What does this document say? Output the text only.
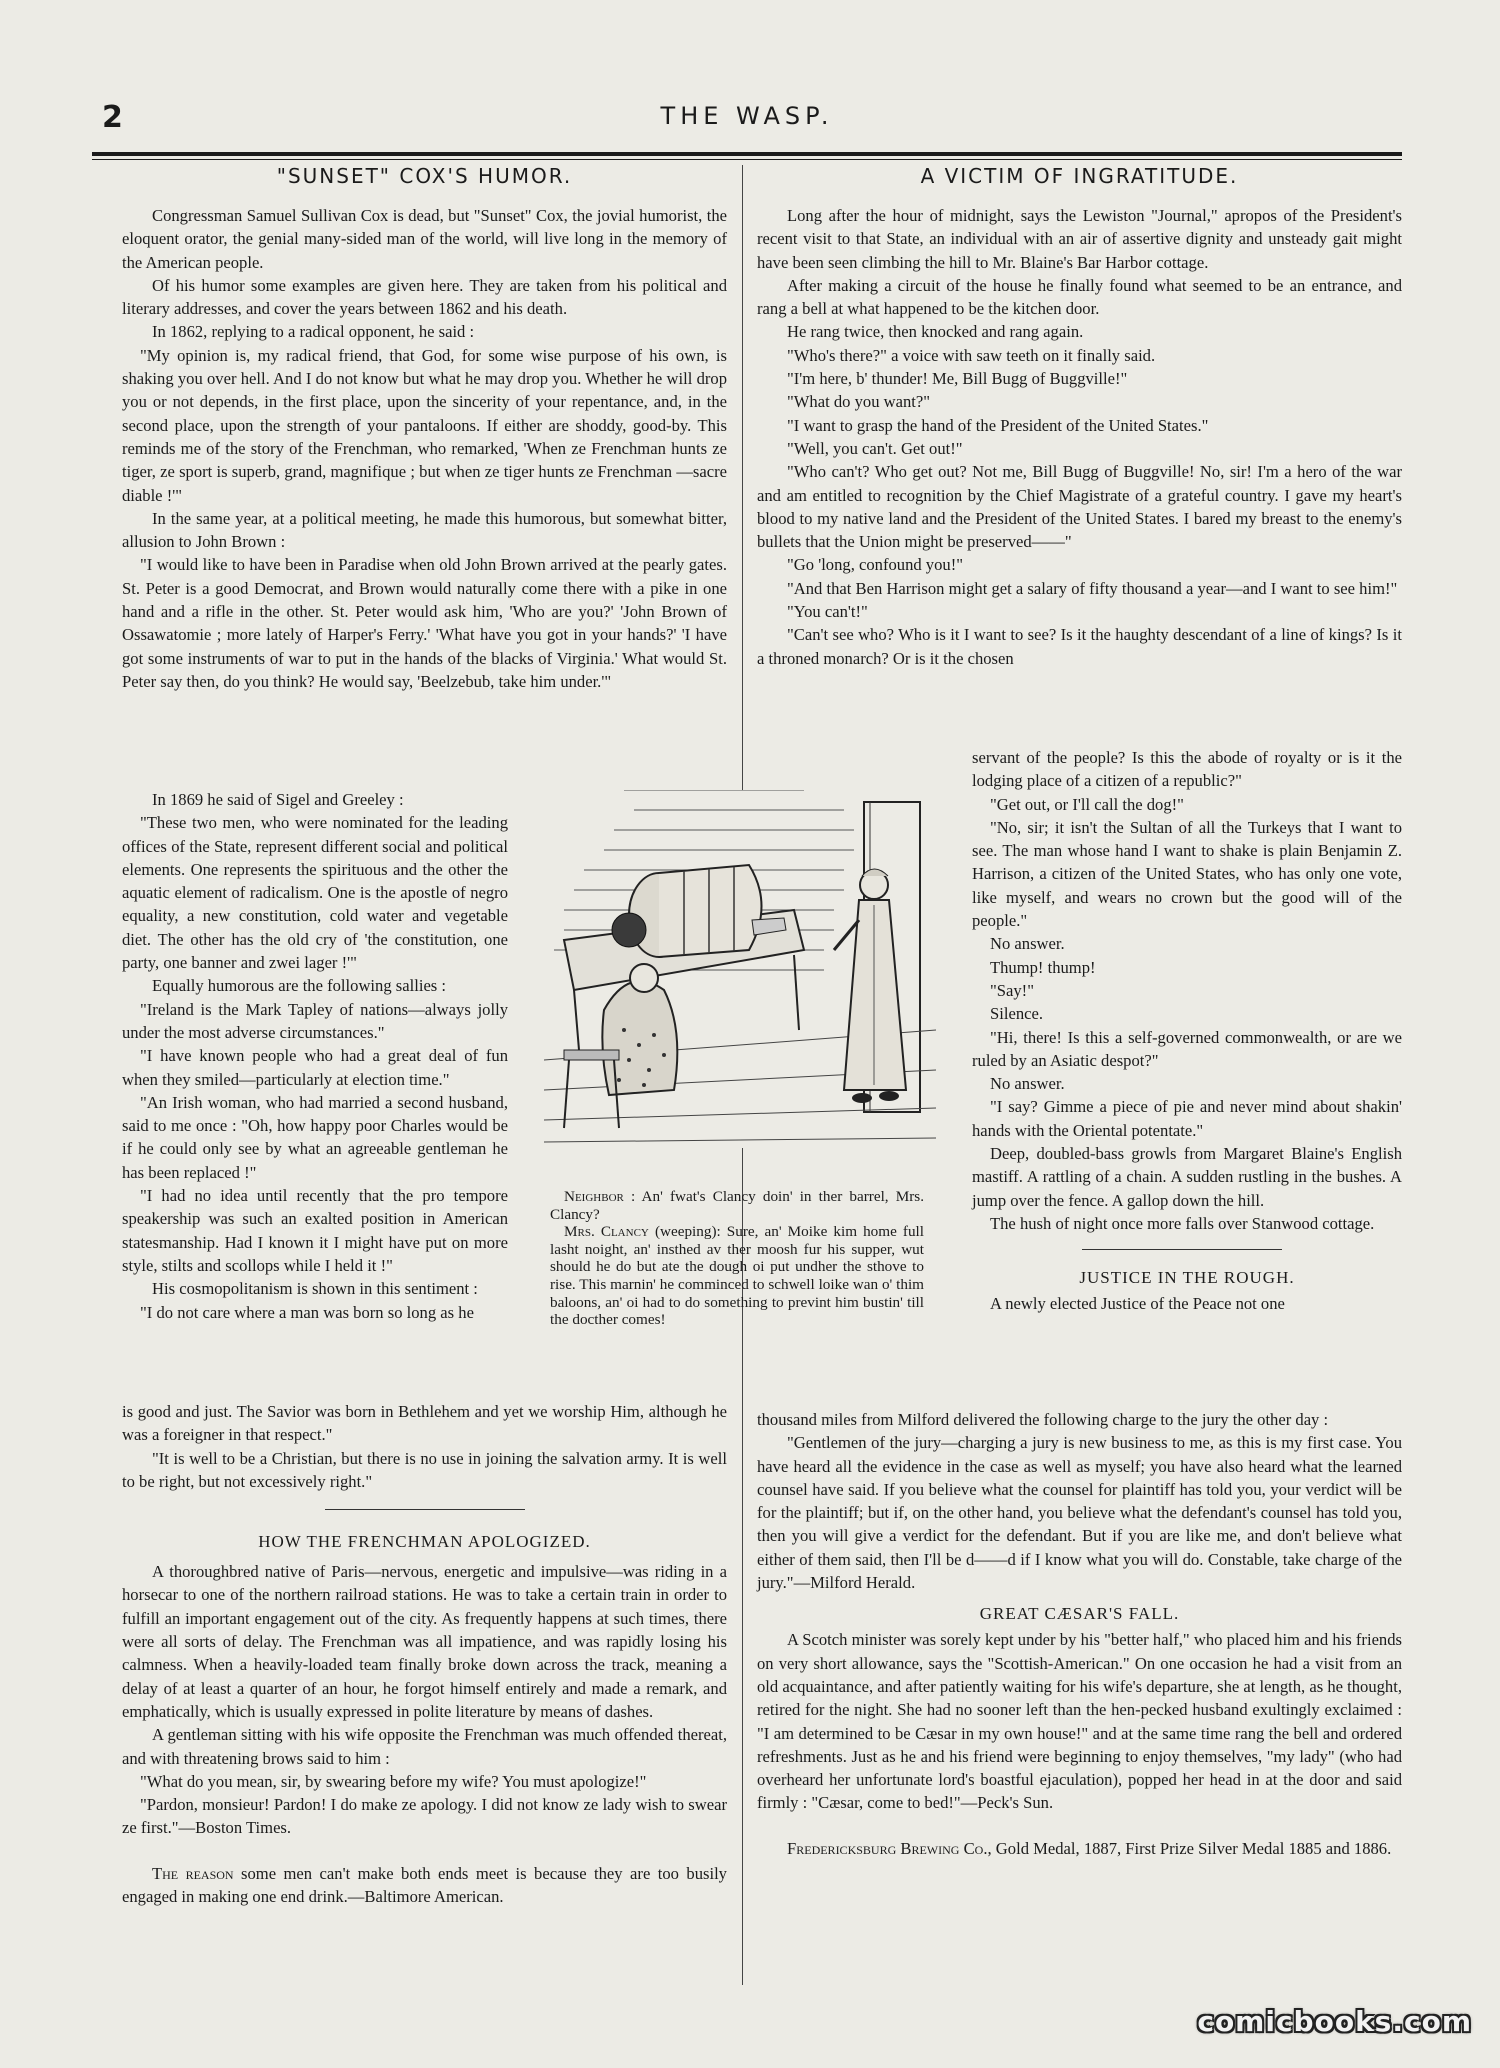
2	THE WASP.
"SUNSET" COX'S HUMOR.

Congressman Samuel Sullivan Cox is dead, but "Sunset" Cox, the jovial humorist, the eloquent orator, the genial many-sided man of the world, will live long in the memory of the American people.

Of his humor some examples are given here. They are taken from his political and literary addresses, and cover the years between 1862 and his death.

In 1862, replying to a radical opponent, he said :

"My opinion is, my radical friend, that God, for some wise purpose of his own, is shaking you over hell. And I do not know but what he may drop you. Whether he will drop you or not depends, in the first place, upon the sincerity of your repentance, and, in the second place, upon the strength of your pantaloons. If either are shoddy, good-by. This reminds me of the story of the Frenchman, who remarked, 'When ze Frenchman hunts ze tiger, ze sport is superb, grand, magnifique ; but when ze tiger hunts ze Frenchman —sacre diable !'"

In the same year, at a political meeting, he made this humorous, but somewhat bitter, allusion to John Brown :

"I would like to have been in Paradise when old John Brown arrived at the pearly gates. St. Peter is a good Democrat, and Brown would naturally come there with a pike in one hand and a rifle in the other. St. Peter would ask him, 'Who are you?' 'John Brown of Ossawatomie ; more lately of Harper's Ferry.' 'What have you got in your hands?' 'I have got some instruments of war to put in the hands of the blacks of Virginia.' What would St. Peter say then, do you think? He would say, 'Beelzebub, take him under.'"

In 1869 he said of Sigel and Greeley :

"These two men, who were nominated for the leading offices of the State, represent different social and political elements. One represents the spirituous and the other the aquatic element of radicalism. One is the apostle of negro equality, a new constitution, cold water and vegetable diet. The other has the old cry of 'the constitution, one party, one banner and zwei lager !'"

Equally humorous are the following sallies :

"Ireland is the Mark Tapley of nations—always jolly under the most adverse circumstances."

"I have known people who had a great deal of fun when they smiled—particularly at election time."

"An Irish woman, who had married a second husband, said to me once : "Oh, how happy poor Charles would be if he could only see by what an agreeable gentleman he has been replaced !"

"I had no idea until recently that the pro tempore speakership was such an exalted position in American statesmanship. Had I known it I might have put on more style, stilts and scollops while I held it !"

His cosmopolitanism is shown in this sentiment :

"I do not care where a man was born so long as he

is good and just. The Savior was born in Bethlehem and yet we worship Him, although he was a foreigner in that respect."

"It is well to be a Christian, but there is no use in joining the salvation army. It is well to be right, but not excessively right."

HOW THE FRENCHMAN APOLOGIZED.

A thoroughbred native of Paris—nervous, energetic and impulsive—was riding in a horsecar to one of the northern railroad stations. He was to take a certain train in order to fulfill an important engagement out of the city. As frequently happens at such times, there were all sorts of delay. The Frenchman was all impatience, and was rapidly losing his calmness. When a heavily-loaded team finally broke down across the track, meaning a delay of at least a quarter of an hour, he forgot himself entirely and made a remark, and emphatically, which is usually expressed in polite literature by means of dashes.

A gentleman sitting with his wife opposite the Frenchman was much offended thereat, and with threatening brows said to him :

"What do you mean, sir, by swearing before my wife? You must apologize!"

"Pardon, monsieur! Pardon! I do make ze apology. I did not know ze lady wish to swear ze first."—Boston Times.

The reason some men can't make both ends meet is because they are too busily engaged in making one end drink.—Baltimore American.

A VICTIM OF INGRATITUDE.

Long after the hour of midnight, says the Lewiston "Journal," apropos of the President's recent visit to that State, an individual with an air of assertive dignity and unsteady gait might have been seen climbing the hill to Mr. Blaine's Bar Harbor cottage.

After making a circuit of the house he finally found what seemed to be an entrance, and rang a bell at what happened to be the kitchen door.

He rang twice, then knocked and rang again.

"Who's there?" a voice with saw teeth on it finally said.

"I'm here, b' thunder! Me, Bill Bugg of Buggville!"

"What do you want?"

"I want to grasp the hand of the President of the United States."

"Well, you can't. Get out!"

"Who can't? Who get out? Not me, Bill Bugg of Buggville! No, sir! I'm a hero of the war and am entitled to recognition by the Chief Magistrate of a grateful country. I gave my heart's blood to my native land and the President of the United States. I bared my breast to the enemy's bullets that the Union might be preserved——"

"Go 'long, confound you!"

"And that Ben Harrison might get a salary of fifty thousand a year—and I want to see him!"

"You can't!"

"Can't see who? Who is it I want to see? Is it the haughty descendant of a line of kings? Is it a throned monarch? Or is it the chosen

servant of the people? Is this the abode of royalty or is it the lodging place of a citizen of a republic?"

"Get out, or I'll call the dog!"

"No, sir; it isn't the Sultan of all the Turkeys that I want to see. The man whose hand I want to shake is plain Benjamin Z. Harrison, a citizen of the United States, who has only one vote, like myself, and wears no crown but the good will of the people."

No answer.

Thump! thump!

"Say!"

Silence.

"Hi, there! Is this a self-governed commonwealth, or are we ruled by an Asiatic despot?"

No answer.

"I say? Gimme a piece of pie and never mind about shakin' hands with the Oriental potentate."

Deep, doubled-bass growls from Margaret Blaine's English mastiff. A rattling of a chain. A sudden rustling in the bushes. A jump over the fence. A gallop down the hill.

The hush of night once more falls over Stanwood cottage.

JUSTICE IN THE ROUGH.

A newly elected Justice of the Peace not one

thousand miles from Milford delivered the following charge to the jury the other day :

"Gentlemen of the jury—charging a jury is new business to me, as this is my first case. You have heard all the evidence in the case as well as myself; you have also heard what the learned counsel have said. If you believe what the counsel for plaintiff has told you, your verdict will be for the plaintiff; but if, on the other hand, you believe what the defendant's counsel has told you, then you will give a verdict for the defendant. But if you are like me, and don't believe what either of them said, then I'll be d——d if I know what you will do. Constable, take charge of the jury."—Milford Herald.

GREAT CÆSAR'S FALL.

A Scotch minister was sorely kept under by his "better half," who placed him and his friends on very short allowance, says the "Scottish-American." On one occasion he had a visit from an old acquaintance, and after patiently waiting for his wife's departure, she at length, as he thought, retired for the night. She had no sooner left than the hen-pecked husband exultingly exclaimed : "I am determined to be Cæsar in my own house!" and at the same time rang the bell and ordered refreshments. Just as he and his friend were beginning to enjoy themselves, "my lady" (who had overheard her unfortunate lord's boastful ejaculation), popped her head in at the door and said firmly : "Cæsar, come to bed!"—Peck's Sun.

Fredericksburg Brewing Co., Gold Medal, 1887, First Prize Silver Medal 1885 and 1886.

Neighbor : An' fwat's Clancy doin' in ther barrel, Mrs. Clancy?

Mrs. Clancy (weeping): Sure, an' Moike kim home full lasht noight, an' insthed av ther moosh fur his supper, wut should he do but ate the dough oi put undher the sthove to rise. This marnin' he comminced to schwell loike wan o' thim baloons, an' oi had to do something to prevint him bustin' till the docther comes!

comicbooks.com
